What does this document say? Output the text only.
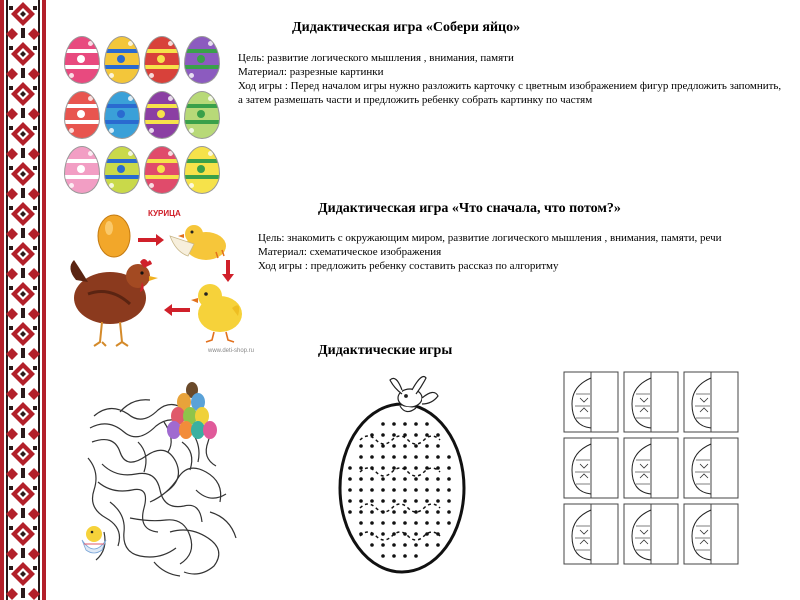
Дидактическая игра «Собери яйцо»
Цель: развитие логического мышления , внимания, памяти
Материал: разрезные картинки
Ход игры : Перед началом игры нужно разложить карточку с цветным изображением фигур предложить запомнить,
а затем размешать части и предложить ребенку собрать картинку по частям
КУРИЦА
www.deti-shop.ru
Дидактическая игра «Что сначала, что потом?»
Цель: знакомить с окружающим миром, развитие логического мышления , внимания, памяти, речи
Материал: схематическое изображения
Ход игры : предложить ребенку составить рассказ по алгоритму
Дидактические игры
